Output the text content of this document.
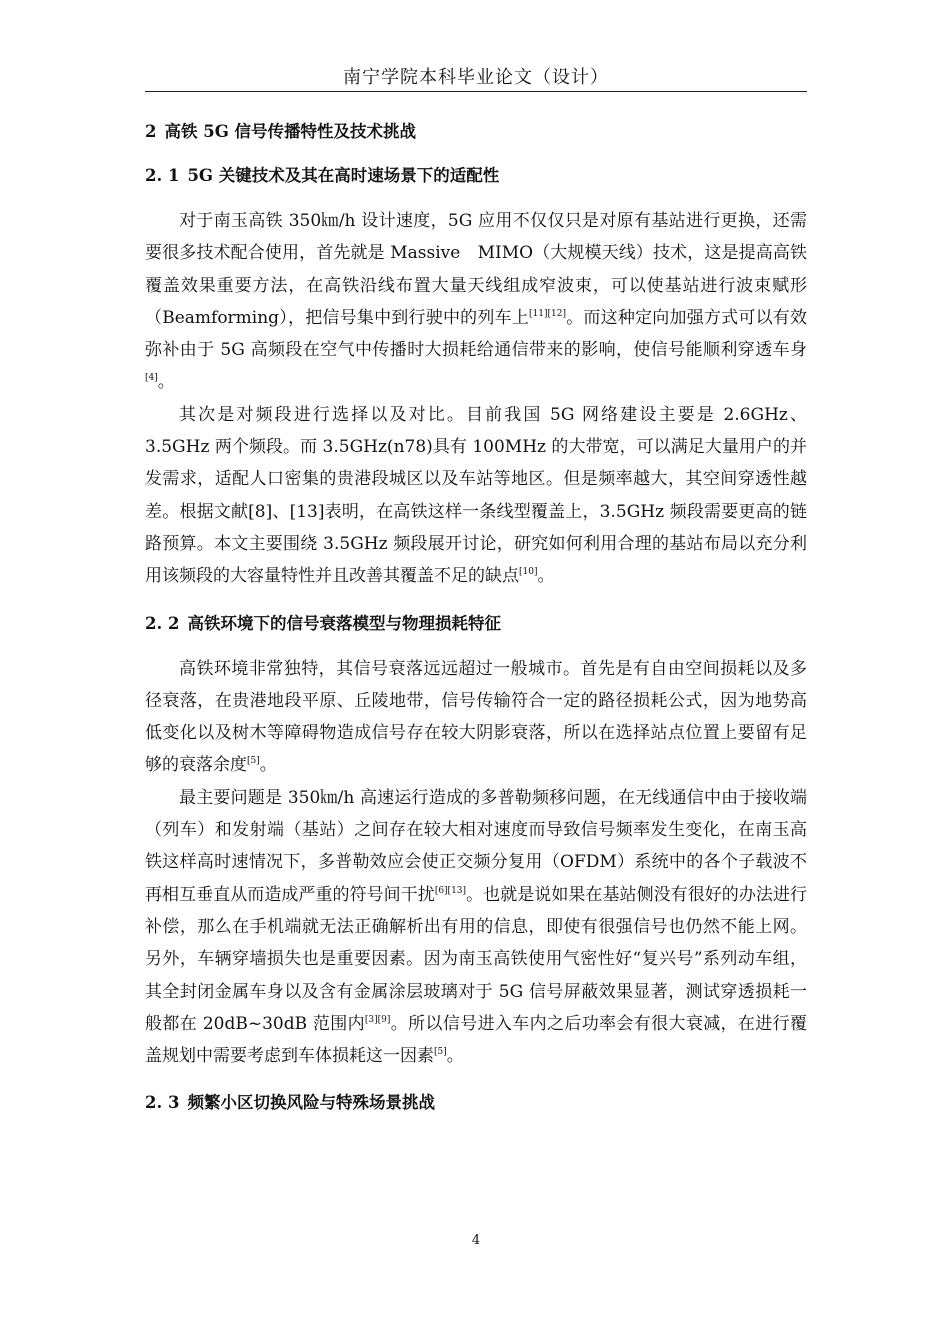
南宁学院本科毕业论文（设计）
2 高铁 5G 信号传播特性及技术挑战
2. 1 5G 关键技术及其在高时速场景下的适配性

对于南玉高铁 350㎞/h 设计速度，5G 应用不仅仅只是对原有基站进行更换，还需要很多技术配合使用，首先就是 Massive　MIMO（大规模天线）技术，这是提高高铁覆盖效果重要方法，在高铁沿线布置大量天线组成窄波束，可以使基站进行波束赋形（Beamforming），把信号集中到行驶中的列车上[11][12]。而这种定向加强方式可以有效弥补由于 5G 高频段在空气中传播时大损耗给通信带来的影响，使信号能顺利穿透车身[4]。

其次是对频段进行选择以及对比。目前我国 5G 网络建设主要是 2.6GHz、3.5GHz 两个频段。而 3.5GHz(n78)具有 100MHz 的大带宽，可以满足大量用户的并发需求，适配人口密集的贵港段城区以及车站等地区。但是频率越大，其空间穿透性越差。根据文献[8]、[13]表明，在高铁这样一条线型覆盖上，3.5GHz 频段需要更高的链路预算。本文主要围绕 3.5GHz 频段展开讨论，研究如何利用合理的基站布局以充分利用该频段的大容量特性并且改善其覆盖不足的缺点[10]。

2. 2 高铁环境下的信号衰落模型与物理损耗特征

高铁环境非常独特，其信号衰落远远超过一般城市。首先是有自由空间损耗以及多径衰落，在贵港地段平原、丘陵地带，信号传输符合一定的路径损耗公式，因为地势高低变化以及树木等障碍物造成信号存在较大阴影衰落，所以在选择站点位置上要留有足够的衰落余度[5]。

最主要问题是 350㎞/h 高速运行造成的多普勒频移问题，在无线通信中由于接收端（列车）和发射端（基站）之间存在较大相对速度而导致信号频率发生变化，在南玉高铁这样高时速情况下，多普勒效应会使正交频分复用（OFDM）系统中的各个子载波不再相互垂直从而造成严重的符号间干扰[6][13]。也就是说如果在基站侧没有很好的办法进行补偿，那么在手机端就无法正确解析出有用的信息，即使有很强信号也仍然不能上网。另外，车辆穿墙损失也是重要因素。因为南玉高铁使用气密性好“复兴号”系列动车组，其全封闭金属车身以及含有金属涂层玻璃对于 5G 信号屏蔽效果显著，测试穿透损耗一般都在 20dB~30dB 范围内[3][9]。所以信号进入车内之后功率会有很大衰减，在进行覆盖规划中需要考虑到车体损耗这一因素[5]。

2. 3 频繁小区切换风险与特殊场景挑战
4
